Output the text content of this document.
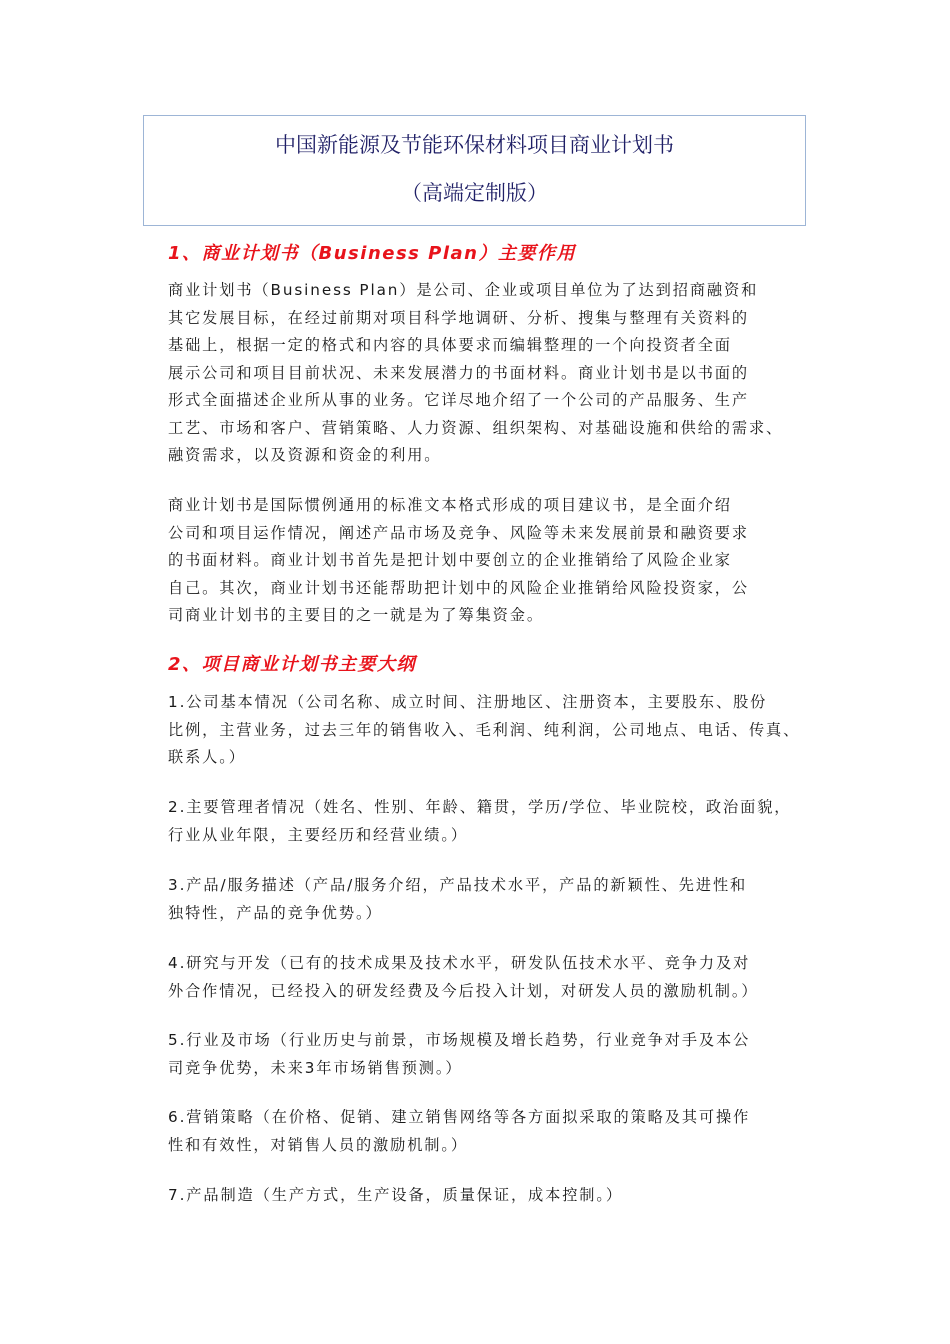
中国新能源及节能环保材料项目商业计划书
（高端定制版）
1、商业计划书（Business Plan）主要作用
商业计划书（Business Plan）是公司、企业或项目单位为了达到招商融资和
其它发展目标，在经过前期对项目科学地调研、分析、搜集与整理有关资料的
基础上，根据一定的格式和内容的具体要求而编辑整理的一个向投资者全面
展示公司和项目目前状况、未来发展潜力的书面材料。商业计划书是以书面的
形式全面描述企业所从事的业务。它详尽地介绍了一个公司的产品服务、生产
工艺、市场和客户、营销策略、人力资源、组织架构、对基础设施和供给的需求、
融资需求，以及资源和资金的利用。
商业计划书是国际惯例通用的标准文本格式形成的项目建议书，是全面介绍
公司和项目运作情况，阐述产品市场及竞争、风险等未来发展前景和融资要求
的书面材料。商业计划书首先是把计划中要创立的企业推销给了风险企业家
自己。其次，商业计划书还能帮助把计划中的风险企业推销给风险投资家，公
司商业计划书的主要目的之一就是为了筹集资金。
2、项目商业计划书主要大纲
1.公司基本情况（公司名称、成立时间、注册地区、注册资本，主要股东、股份
比例，主营业务，过去三年的销售收入、毛利润、纯利润，公司地点、电话、传真、
联系人。）
2.主要管理者情况（姓名、性别、年龄、籍贯，学历/学位、毕业院校，政治面貌，
行业从业年限，主要经历和经营业绩。）
3.产品/服务描述（产品/服务介绍，产品技术水平，产品的新颖性、先进性和
独特性，产品的竞争优势。）
4.研究与开发（已有的技术成果及技术水平，研发队伍技术水平、竞争力及对
外合作情况，已经投入的研发经费及今后投入计划，对研发人员的激励机制。）
5.行业及市场（行业历史与前景，市场规模及增长趋势，行业竞争对手及本公
司竞争优势，未来3年市场销售预测。）
6.营销策略（在价格、促销、建立销售网络等各方面拟采取的策略及其可操作
性和有效性，对销售人员的激励机制。）
7.产品制造（生产方式，生产设备，质量保证，成本控制。）
